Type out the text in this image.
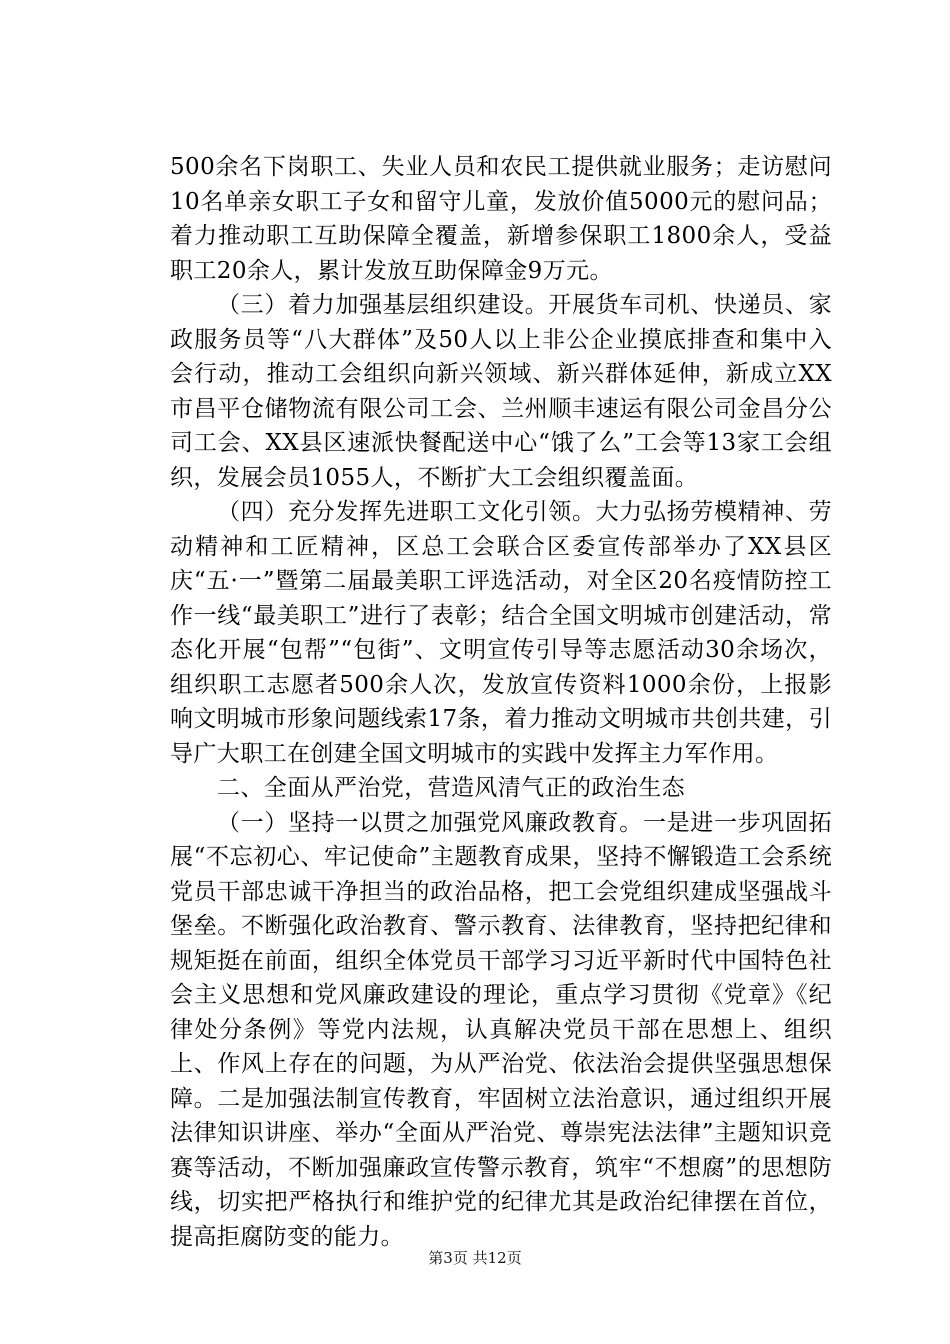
500余名下岗职工、失业人员和农民工提供就业服务；走访慰问10名单亲女职工子女和留守儿童，发放价值5000元的慰问品；着力推动职工互助保障全覆盖，新增参保职工1800余人，受益职工20余人，累计发放互助保障金9万元。

（三）着力加强基层组织建设。开展货车司机、快递员、家政服务员等“八大群体”及50人以上非公企业摸底排查和集中入会行动，推动工会组织向新兴领域、新兴群体延伸，新成立XX市昌平仓储物流有限公司工会、兰州顺丰速运有限公司金昌分公司工会、XX县区速派快餐配送中心“饿了么”工会等13家工会组织，发展会员1055人，不断扩大工会组织覆盖面。

（四）充分发挥先进职工文化引领。大力弘扬劳模精神、劳动精神和工匠精神，区总工会联合区委宣传部举办了XX县区庆“五·一”暨第二届最美职工评选活动，对全区20名疫情防控工作一线“最美职工”进行了表彰；结合全国文明城市创建活动，常态化开展“包帮”“包街”、文明宣传引导等志愿活动30余场次，组织职工志愿者500余人次，发放宣传资料1000余份，上报影响文明城市形象问题线索17条，着力推动文明城市共创共建，引导广大职工在创建全国文明城市的实践中发挥主力军作用。

二、全面从严治党，营造风清气正的政治生态

（一）坚持一以贯之加强党风廉政教育。一是进一步巩固拓展“不忘初心、牢记使命”主题教育成果，坚持不懈锻造工会系统党员干部忠诚干净担当的政治品格，把工会党组织建成坚强战斗堡垒。不断强化政治教育、警示教育、法律教育，坚持把纪律和规矩挺在前面，组织全体党员干部学习习近平新时代中国特色社会主义思想和党风廉政建设的理论，重点学习贯彻《党章》《纪律处分条例》等党内法规，认真解决党员干部在思想上、组织上、作风上存在的问题，为从严治党、依法治会提供坚强思想保障。二是加强法制宣传教育，牢固树立法治意识，通过组织开展法律知识讲座、举办“全面从严治党、尊崇宪法法律”主题知识竞赛等活动，不断加强廉政宣传警示教育，筑牢“不想腐”的思想防线，切实把严格执行和维护党的纪律尤其是政治纪律摆在首位，提高拒腐防变的能力。

第3页 共12页
